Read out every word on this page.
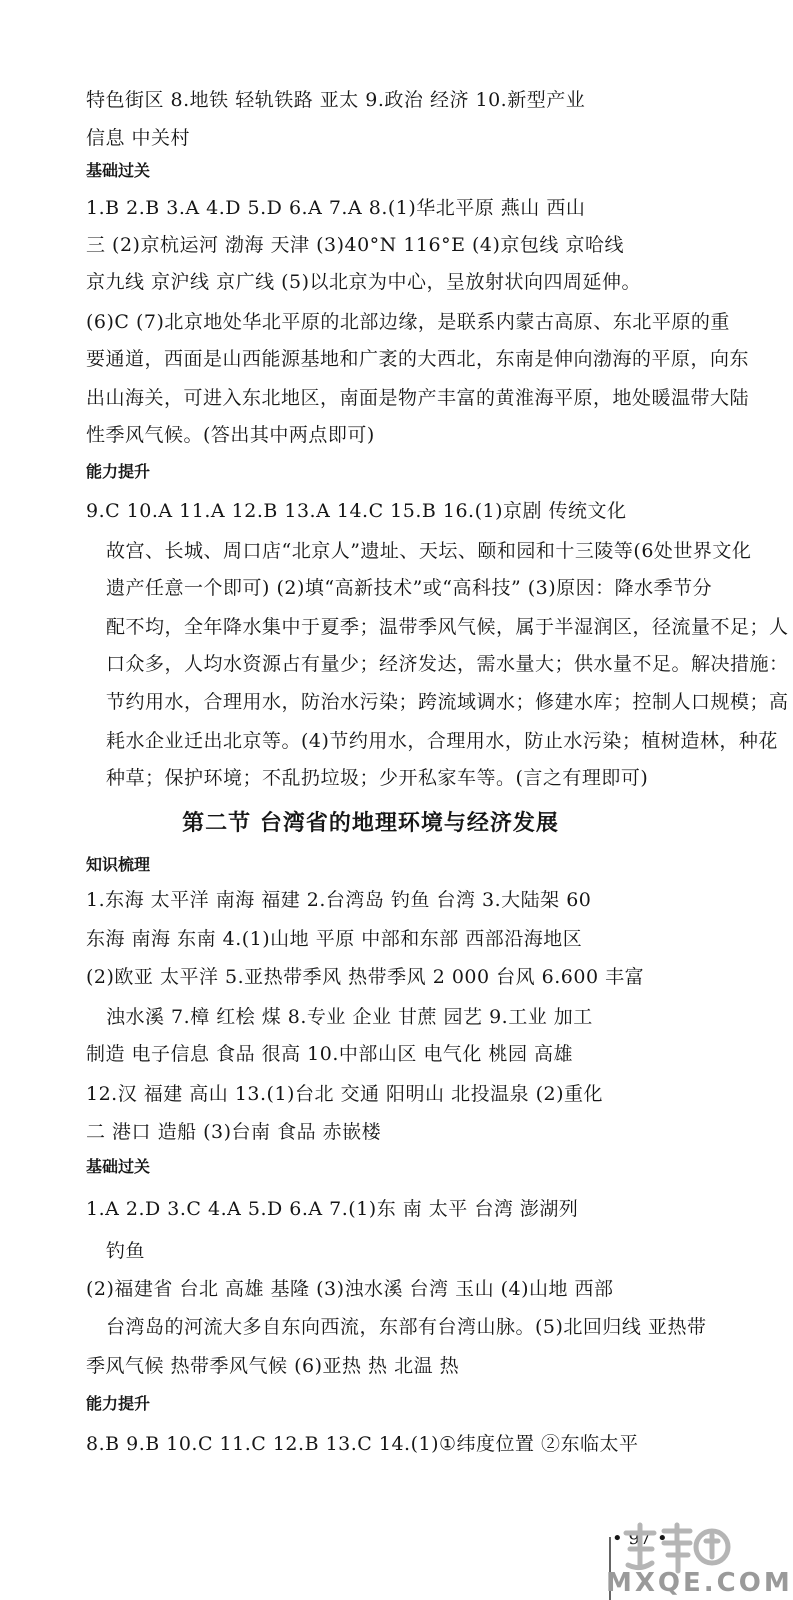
特色街区 8.地铁 轻轨铁路 亚太 9.政治 经济 10.新型产业
信息 中关村
基础过关
1.B 2.B 3.A 4.D 5.D 6.A 7.A 8.(1)华北平原 燕山 西山
三 (2)京杭运河 渤海 天津 (3)40°N 116°E (4)京包线 京哈线
京九线 京沪线 京广线 (5)以北京为中心，呈放射状向四周延伸。
(6)C (7)北京地处华北平原的北部边缘，是联系内蒙古高原、东北平原的重
要通道，西面是山西能源基地和广袤的大西北，东南是伸向渤海的平原，向东
出山海关，可进入东北地区，南面是物产丰富的黄淮海平原，地处暖温带大陆
性季风气候。(答出其中两点即可)
能力提升
9.C 10.A 11.A 12.B 13.A 14.C 15.B 16.(1)京剧 传统文化
故宫、长城、周口店“北京人”遗址、天坛、颐和园和十三陵等(6处世界文化
遗产任意一个即可) (2)填“高新技术”或“高科技” (3)原因：降水季节分
配不均，全年降水集中于夏季；温带季风气候，属于半湿润区，径流量不足；人
口众多，人均水资源占有量少；经济发达，需水量大；供水量不足。解决措施：
节约用水，合理用水，防治水污染；跨流域调水；修建水库；控制人口规模；高
耗水企业迁出北京等。(4)节约用水，合理用水，防止水污染；植树造林，种花
种草；保护环境；不乱扔垃圾；少开私家车等。(言之有理即可)
第二节 台湾省的地理环境与经济发展
知识梳理
1.东海 太平洋 南海 福建 2.台湾岛 钓鱼 台湾 3.大陆架 60
东海 南海 东南 4.(1)山地 平原 中部和东部 西部沿海地区
(2)欧亚 太平洋 5.亚热带季风 热带季风 2 000 台风 6.600 丰富
浊水溪 7.樟 红桧 煤 8.专业 企业 甘蔗 园艺 9.工业 加工
制造 电子信息 食品 很高 10.中部山区 电气化 桃园 高雄
12.汉 福建 高山 13.(1)台北 交通 阳明山 北投温泉 (2)重化
二 港口 造船 (3)台南 食品 赤嵌楼
基础过关
1.A 2.D 3.C 4.A 5.D 6.A 7.(1)东 南 太平 台湾 澎湖列
钓鱼
(2)福建省 台北 高雄 基隆 (3)浊水溪 台湾 玉山 (4)山地 西部
台湾岛的河流大多自东向西流，东部有台湾山脉。(5)北回归线 亚热带
季风气候 热带季风气候 (6)亚热 热 北温 热
能力提升
8.B 9.B 10.C 11.C 12.B 13.C 14.(1)①纬度位置 ②东临太平
• 97 •
MXQE.COM
